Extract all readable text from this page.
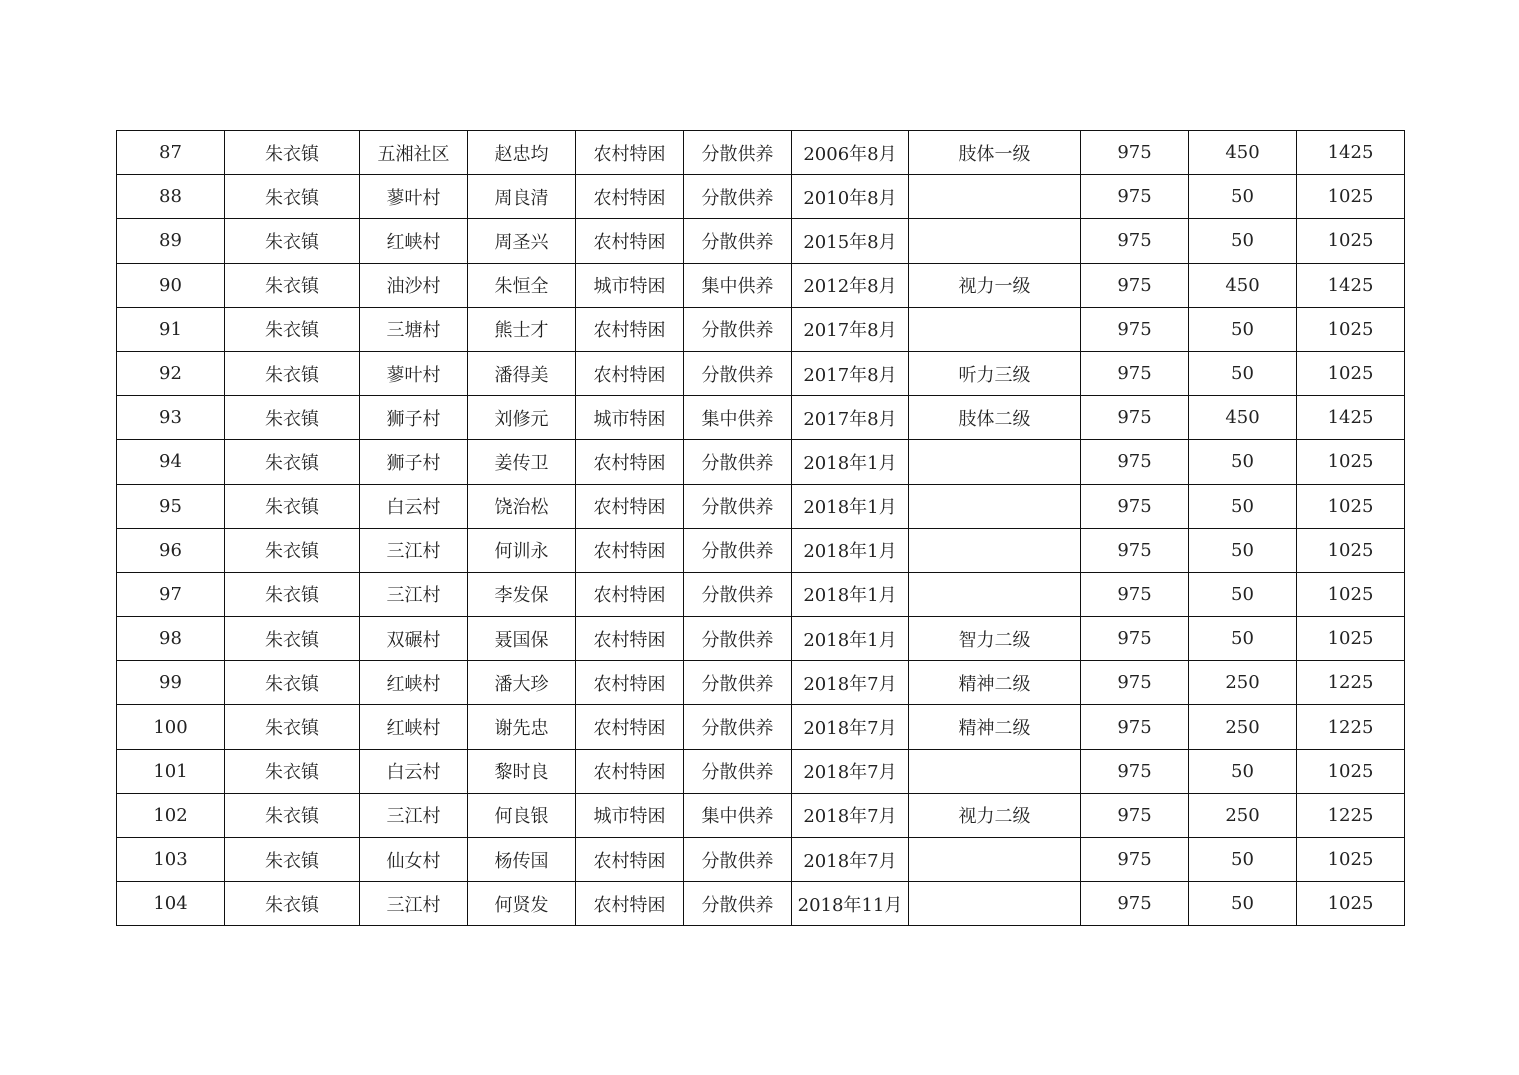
87	朱衣镇	五湘社区	赵忠均	农村特困	分散供养	2006年8月	肢体一级	975	450	1425
88	朱衣镇	蓼叶村	周良清	农村特困	分散供养	2010年8月		975	50	1025
89	朱衣镇	红峡村	周圣兴	农村特困	分散供养	2015年8月		975	50	1025
90	朱衣镇	油沙村	朱恒全	城市特困	集中供养	2012年8月	视力一级	975	450	1425
91	朱衣镇	三塘村	熊士才	农村特困	分散供养	2017年8月		975	50	1025
92	朱衣镇	蓼叶村	潘得美	农村特困	分散供养	2017年8月	听力三级	975	50	1025
93	朱衣镇	狮子村	刘修元	城市特困	集中供养	2017年8月	肢体二级	975	450	1425
94	朱衣镇	狮子村	姜传卫	农村特困	分散供养	2018年1月		975	50	1025
95	朱衣镇	白云村	饶治松	农村特困	分散供养	2018年1月		975	50	1025
96	朱衣镇	三江村	何训永	农村特困	分散供养	2018年1月		975	50	1025
97	朱衣镇	三江村	李发保	农村特困	分散供养	2018年1月		975	50	1025
98	朱衣镇	双碾村	聂国保	农村特困	分散供养	2018年1月	智力二级	975	50	1025
99	朱衣镇	红峡村	潘大珍	农村特困	分散供养	2018年7月	精神二级	975	250	1225
100	朱衣镇	红峡村	谢先忠	农村特困	分散供养	2018年7月	精神二级	975	250	1225
101	朱衣镇	白云村	黎时良	农村特困	分散供养	2018年7月		975	50	1025
102	朱衣镇	三江村	何良银	城市特困	集中供养	2018年7月	视力二级	975	250	1225
103	朱衣镇	仙女村	杨传国	农村特困	分散供养	2018年7月		975	50	1025
104	朱衣镇	三江村	何贤发	农村特困	分散供养	2018年11月		975	50	1025
